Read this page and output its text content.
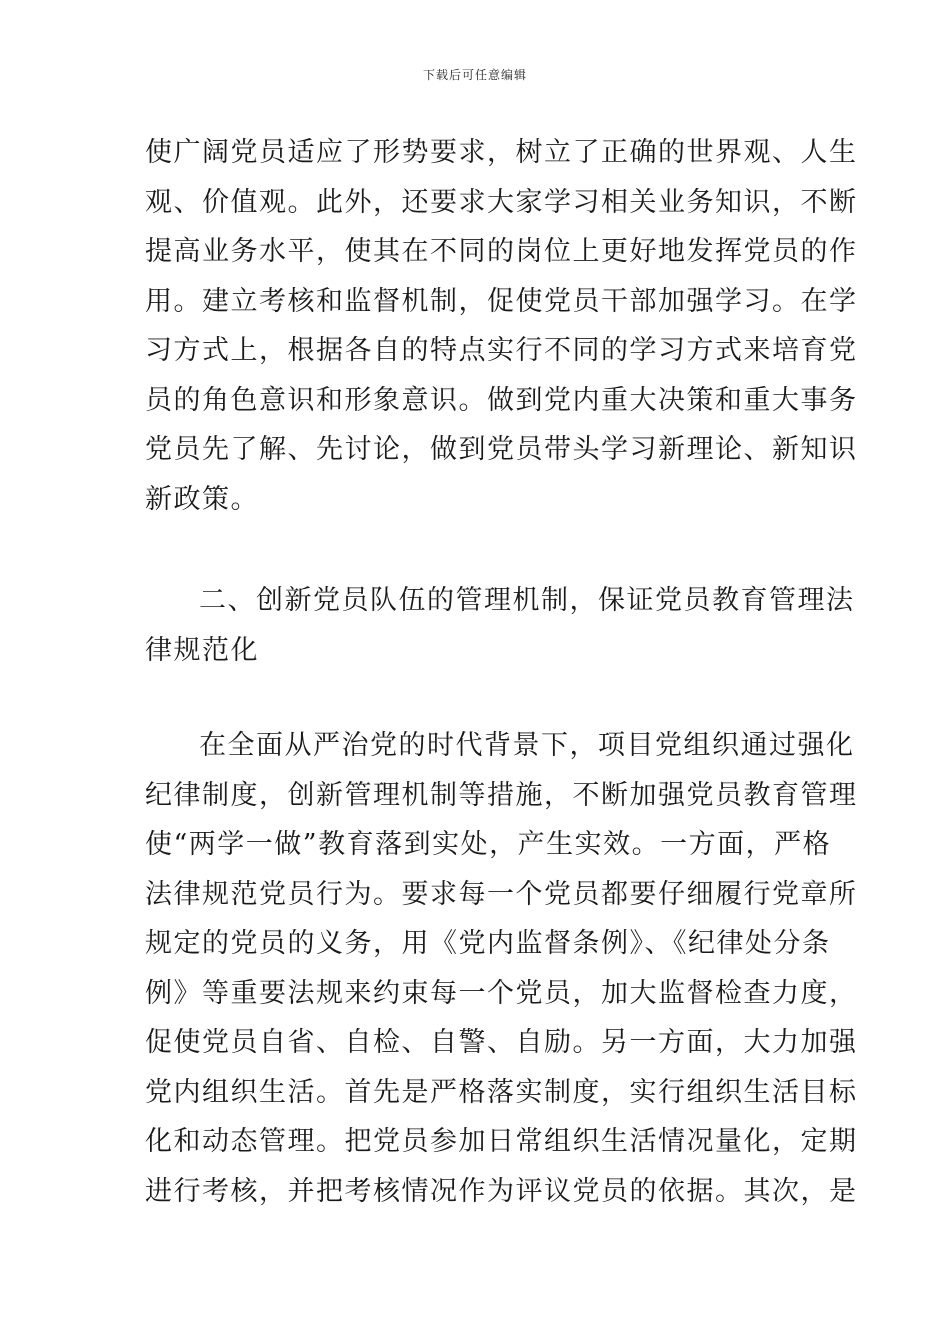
下载后可任意编辑
使广阔党员适应了形势要求，树立了正确的世界观、人生
观、价值观。此外，还要求大家学习相关业务知识，不断
提高业务水平，使其在不同的岗位上更好地发挥党员的作
用。建立考核和监督机制，促使党员干部加强学习。在学
习方式上，根据各自的特点实行不同的学习方式来培育党
员的角色意识和形象意识。做到党内重大决策和重大事务
党员先了解、先讨论，做到党员带头学习新理论、新知识
新政策。
二、创新党员队伍的管理机制，保证党员教育管理法
律规范化
在全面从严治党的时代背景下，项目党组织通过强化
纪律制度，创新管理机制等措施，不断加强党员教育管理
使“两学一做”教育落到实处，产生实效。一方面，严格
法律规范党员行为。要求每一个党员都要仔细履行党章所
规定的党员的义务，用《党内监督条例》、《纪律处分条
例》等重要法规来约束每一个党员，加大监督检查力度，
促使党员自省、自检、自警、自励。另一方面，大力加强
党内组织生活。首先是严格落实制度，实行组织生活目标
化和动态管理。把党员参加日常组织生活情况量化，定期
进行考核，并把考核情况作为评议党员的依据。其次，是
